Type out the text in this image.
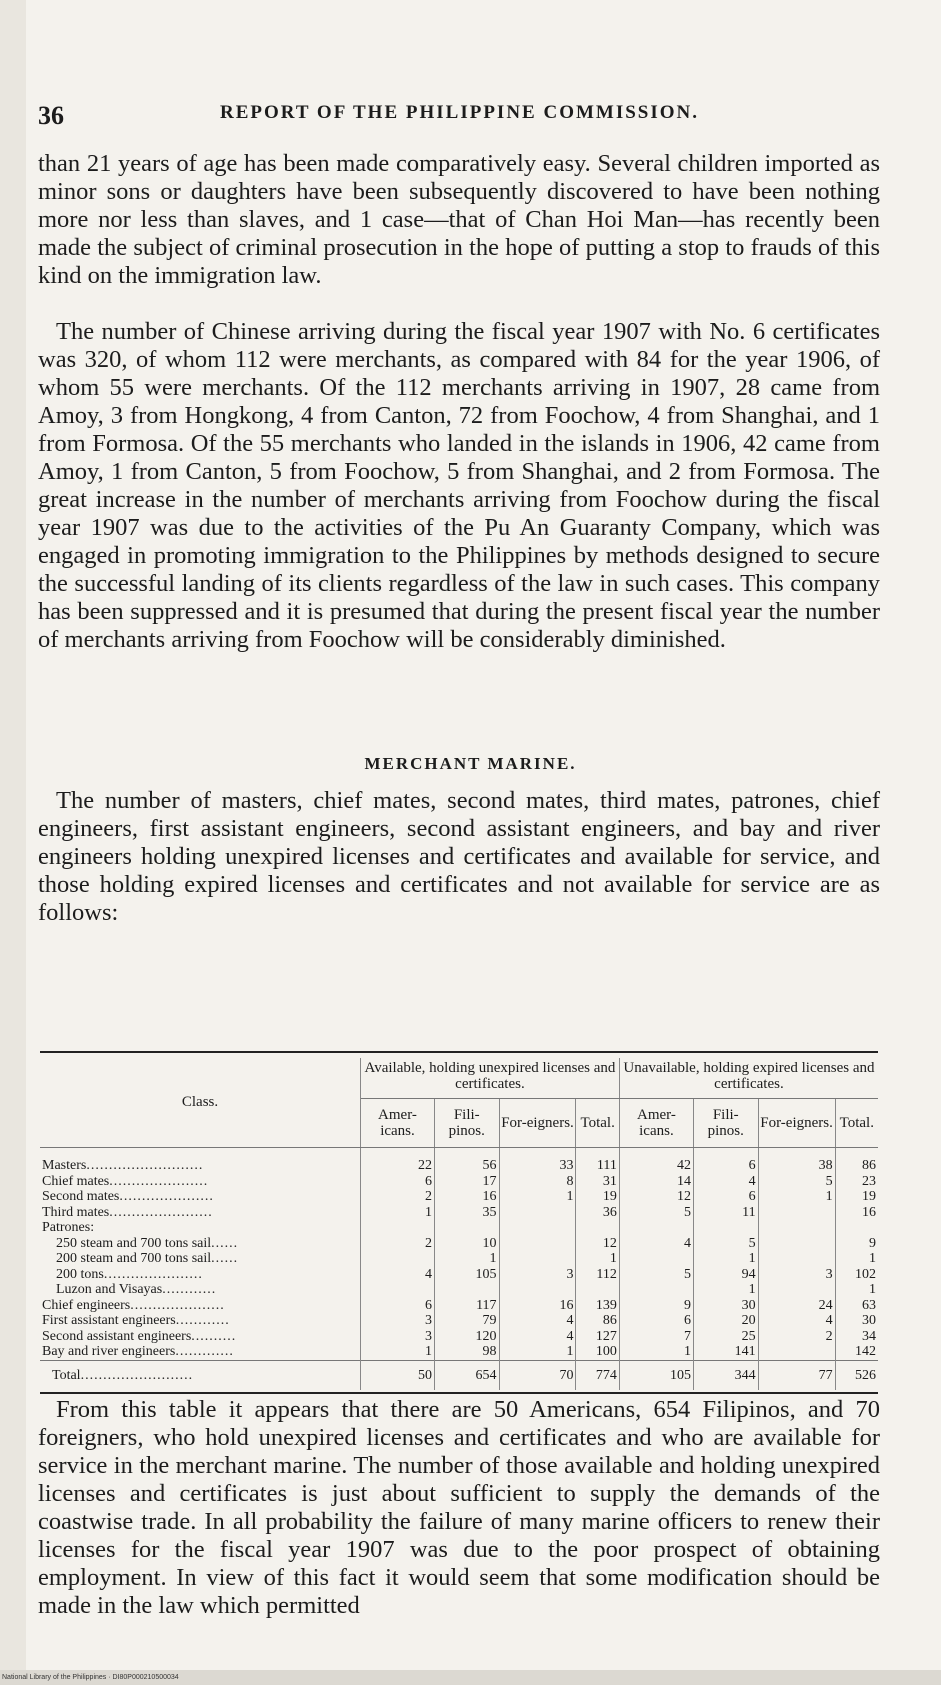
36	REPORT OF THE PHILIPPINE COMMISSION.

than 21 years of age has been made comparatively easy. Several children imported as minor sons or daughters have been subsequently discovered to have been nothing more nor less than slaves, and 1 case—that of Chan Hoi Man—has recently been made the subject of criminal prosecution in the hope of putting a stop to frauds of this kind on the immigration law.

The number of Chinese arriving during the fiscal year 1907 with No. 6 certificates was 320, of whom 112 were merchants, as compared with 84 for the year 1906, of whom 55 were merchants. Of the 112 merchants arriving in 1907, 28 came from Amoy, 3 from Hongkong, 4 from Canton, 72 from Foochow, 4 from Shanghai, and 1 from Formosa. Of the 55 merchants who landed in the islands in 1906, 42 came from Amoy, 1 from Canton, 5 from Foochow, 5 from Shanghai, and 2 from Formosa. The great increase in the number of merchants arriving from Foochow during the fiscal year 1907 was due to the activities of the Pu An Guaranty Company, which was engaged in promoting immigration to the Philippines by methods designed to secure the successful landing of its clients regardless of the law in such cases. This company has been suppressed and it is presumed that during the present fiscal year the number of merchants arriving from Foochow will be considerably diminished.

MERCHANT MARINE.

The number of masters, chief mates, second mates, third mates, patrones, chief engineers, first assistant engineers, second assistant engineers, and bay and river engineers holding unexpired licenses and certificates and available for service, and those holding expired licenses and certificates and not available for service are as follows:

Class.	Available, holding unexpired licenses and certificates.				Unavailable, holding expired licenses and certificates.			
	Amer-icans.	Fili-pinos.	For-eigners.	Total.	Amer-icans.	Fili-pinos.	For-eigners.	Total.

Masters..........................	22	56	33	111	42	6	38	86
Chief mates......................	6	17	8	31	14	4	5	23
Second mates.....................	2	16	1	19	12	6	1	19
Third mates.......................	1	35		36	5	11		16
Patrones:								
250 steam and 700 tons sail......	2	10		12	4	5		9
200 steam and 700 tons sail......		1		1		1		1
200 tons......................	4	105	3	112	5	94	3	102
Luzon and Visayas............						1		1
Chief engineers.....................	6	117	16	139	9	30	24	63
First assistant engineers............	3	79	4	86	6	20	4	30
Second assistant engineers..........	3	120	4	127	7	25	2	34
Bay and river engineers.............	1	98	1	100	1	141		142
Total.........................	50	654	70	774	105	344	77	526

From this table it appears that there are 50 Americans, 654 Filipinos, and 70 foreigners, who hold unexpired licenses and certificates and who are available for service in the merchant marine. The number of those available and holding unexpired licenses and certificates is just about sufficient to supply the demands of the coastwise trade. In all probability the failure of many marine officers to renew their licenses for the fiscal year 1907 was due to the poor prospect of obtaining employment. In view of this fact it would seem that some modification should be made in the law which permitted

National Library of the Philippines · DI80P000210500034
